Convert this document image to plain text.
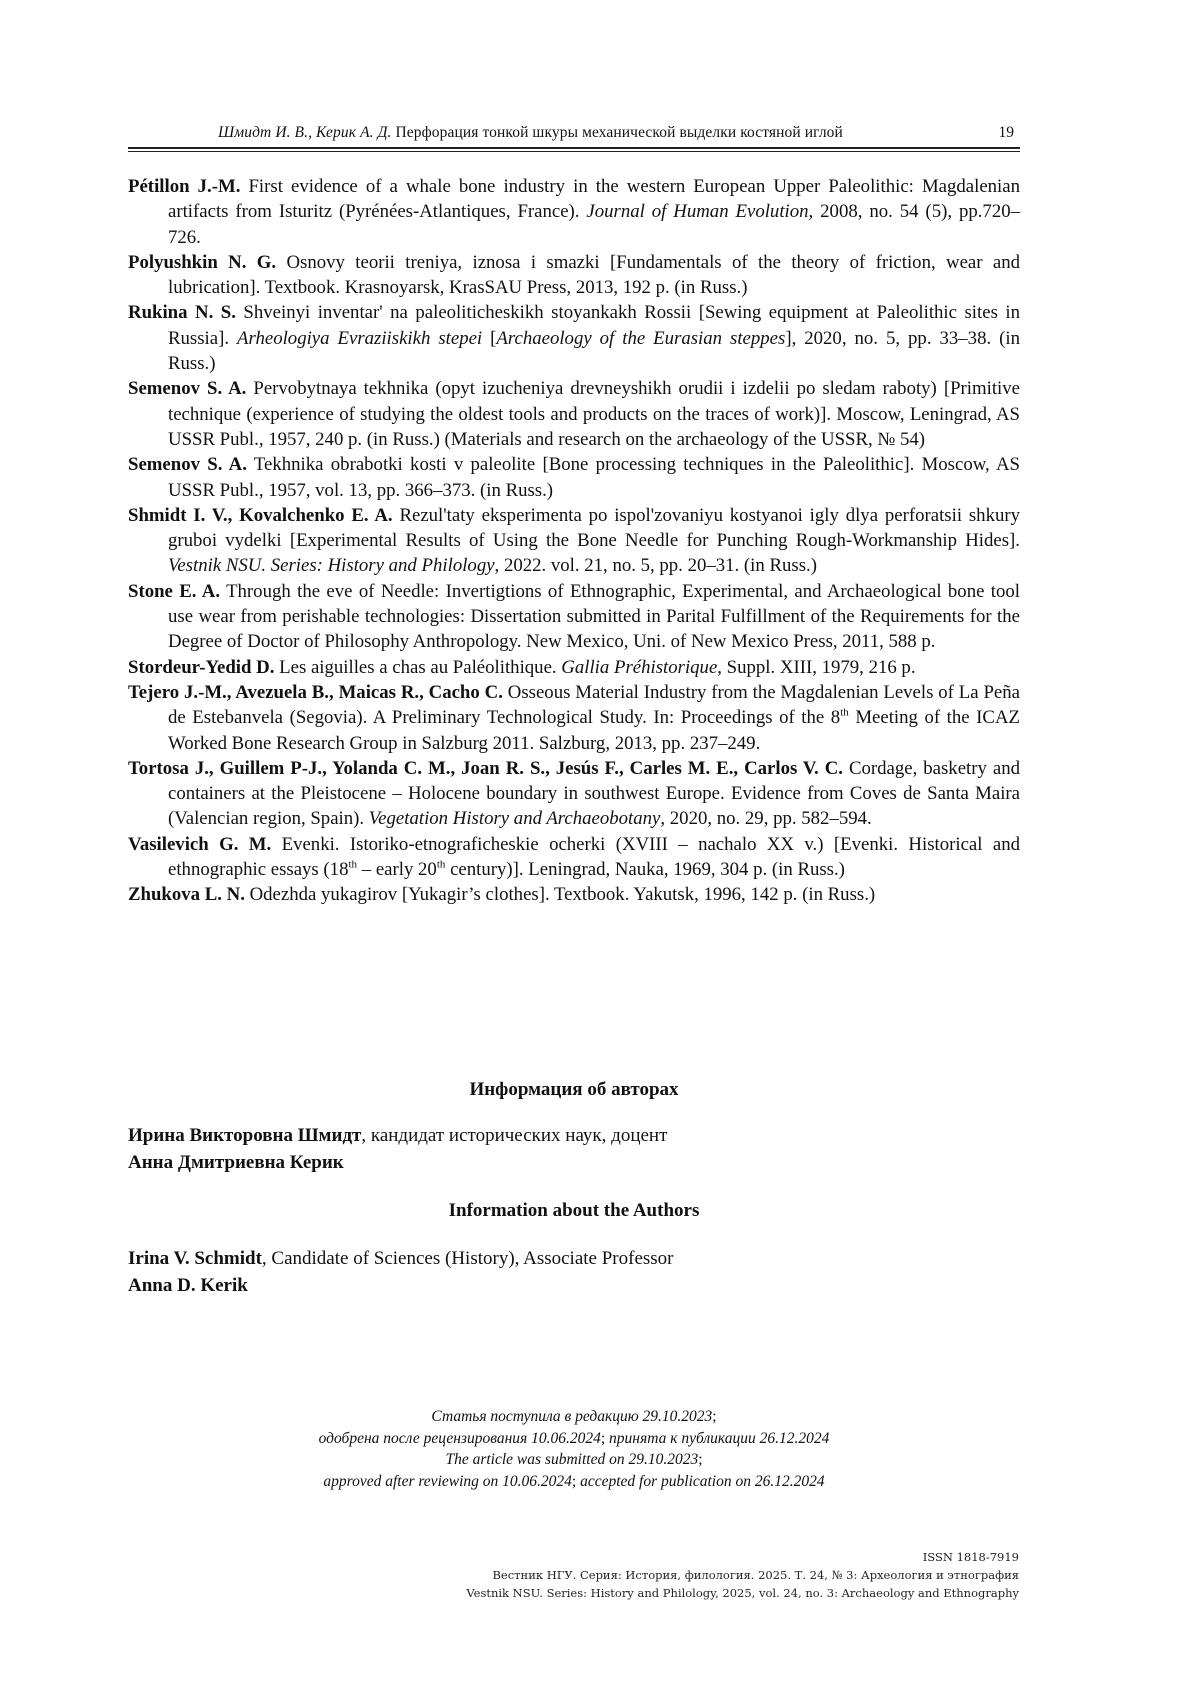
Шмидт И. В., Керик А. Д. Перфорация тонкой шкуры механической выделки костяной иглой	19

Pétillon J.-M. First evidence of a whale bone industry in the western European Upper Paleolithic: Magdalenian artifacts from Isturitz (Pyrénées-Atlantiques, France). Journal of Human Evolution, 2008, no. 54 (5), pp.720–726.

Polyushkin N. G. Osnovy teorii treniya, iznosa i smazki [Fundamentals of the theory of friction, wear and lubrication]. Textbook. Krasnoyarsk, KrasSAU Press, 2013, 192 p. (in Russ.)

Rukina N. S. Shveinyi inventar' na paleoliticheskikh stoyankakh Rossii [Sewing equipment at Paleolithic sites in Russia]. Arheologiya Evraziiskikh stepei [Archaeology of the Eurasian steppes], 2020, no. 5, pp. 33–38. (in Russ.)

Semenov S. A. Pervobytnaya tekhnika (opyt izucheniya drevneyshikh orudii i izdelii po sledam raboty) [Primitive technique (experience of studying the oldest tools and products on the traces of work)]. Moscow, Leningrad, AS USSR Publ., 1957, 240 p. (in Russ.) (Materials and research on the archaeology of the USSR, № 54)

Semenov S. A. Tekhnika obrabotki kosti v paleolite [Bone processing techniques in the Paleolithic]. Moscow, AS USSR Publ., 1957, vol. 13, pp. 366–373. (in Russ.)

Shmidt I. V., Kovalchenko E. A. Rezul'taty eksperimenta po ispol'zovaniyu kostyanoi igly dlya perforatsii shkury gruboi vydelki [Experimental Results of Using the Bone Needle for Punching Rough-Workmanship Hides]. Vestnik NSU. Series: History and Philology, 2022. vol. 21, no. 5, pp. 20–31. (in Russ.)

Stone E. A. Through the eve of Needle: Invertigtions of Ethnographic, Experimental, and Archaeological bone tool use wear from perishable technologies: Dissertation submitted in Parital Fulfillment of the Requirements for the Degree of Doctor of Philosophy Anthropology. New Mexico, Uni. of New Mexico Press, 2011, 588 p.

Stordeur-Yedid D. Les aiguilles a chas au Paléolithique. Gallia Préhistorique, Suppl. XIII, 1979, 216 p.

Tejero J.-M., Avezuela B., Maicas R., Cacho C. Osseous Material Industry from the Magdalenian Levels of La Peña de Estebanvela (Segovia). A Preliminary Technological Study. In: Proceedings of the 8th Meeting of the ICAZ Worked Bone Research Group in Salzburg 2011. Salzburg, 2013, pp. 237–249.

Tortosa J., Guillem P-J., Yolanda C. M., Joan R. S., Jesús F., Carles M. E., Carlos V. C. Cordage, basketry and containers at the Pleistocene – Holocene boundary in southwest Europe. Evidence from Coves de Santa Maira (Valencian region, Spain). Vegetation History and Archaeobotany, 2020, no. 29, pp. 582–594.

Vasilevich G. M. Evenki. Istoriko-etnograficheskie ocherki (XVIII – nachalo XX v.) [Evenki. Historical and ethnographic essays (18th – early 20th century)]. Leningrad, Nauka, 1969, 304 p. (in Russ.)

Zhukova L. N. Odezhda yukagirov [Yukagir’s clothes]. Textbook. Yakutsk, 1996, 142 p. (in Russ.)

Информация об авторах
Ирина Викторовна Шмидт, кандидат исторических наук, доцент
Анна Дмитриевна Керик
Information about the Authors
Irina V. Schmidt, Candidate of Sciences (History), Associate Professor
Anna D. Kerik
Статья поступила в редакцию 29.10.2023;
одобрена после рецензирования 10.06.2024; принята к публикации 26.12.2024
The article was submitted on 29.10.2023;
approved after reviewing on 10.06.2024; accepted for publication on 26.12.2024
ISSN 1818-7919
Вестник НГУ. Серия: История, филология. 2025. Т. 24, № 3: Археология и этнография
Vestnik NSU. Series: History and Philology, 2025, vol. 24, no. 3: Archaeology and Ethnography
